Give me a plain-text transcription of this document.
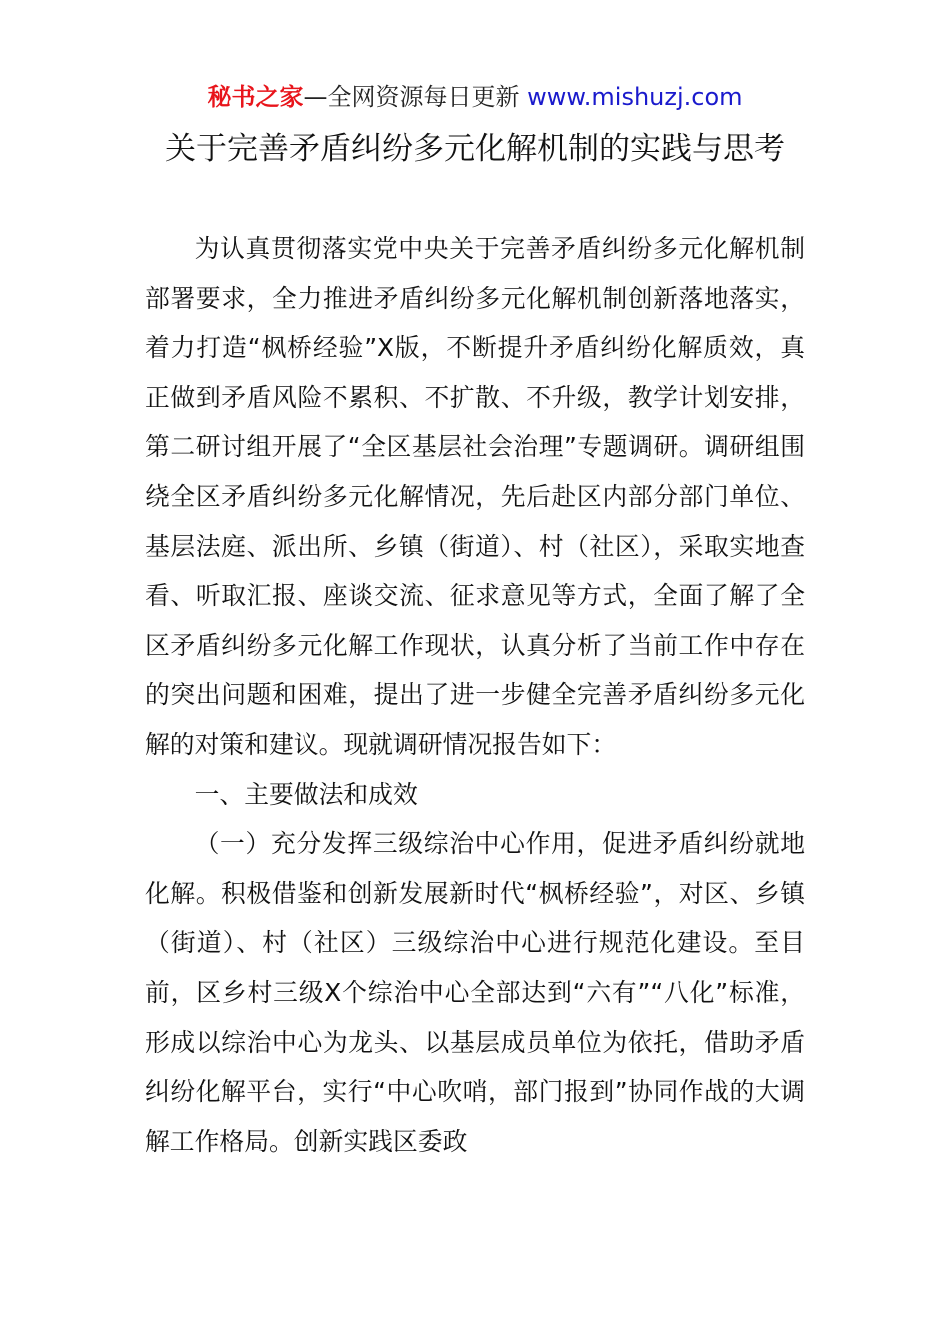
秘书之家—全网资源每日更新 www.mishuzj.com
关于完善矛盾纠纷多元化解机制的实践与思考

为认真贯彻落实党中央关于完善矛盾纠纷多元化解机制部署要求，全力推进矛盾纠纷多元化解机制创新落地落实，着力打造“枫桥经验”X版，不断提升矛盾纠纷化解质效，真正做到矛盾风险不累积、不扩散、不升级，教学计划安排，第二研讨组开展了“全区基层社会治理”专题调研。调研组围绕全区矛盾纠纷多元化解情况，先后赴区内部分部门单位、基层法庭、派出所、乡镇（街道）、村（社区），采取实地查看、听取汇报、座谈交流、征求意见等方式，全面了解了全区矛盾纠纷多元化解工作现状，认真分析了当前工作中存在的突出问题和困难，提出了进一步健全完善矛盾纠纷多元化解的对策和建议。现就调研情况报告如下：

一、主要做法和成效

（一）充分发挥三级综治中心作用，促进矛盾纠纷就地化解。积极借鉴和创新发展新时代“枫桥经验”，对区、乡镇（街道）、村（社区）三级综治中心进行规范化建设。至目前，区乡村三级X个综治中心全部达到“六有”“八化”标准，形成以综治中心为龙头、以基层成员单位为依托，借助矛盾纠纷化解平台，实行“中心吹哨，部门报到”协同作战的大调解工作格局。创新实践区委政
